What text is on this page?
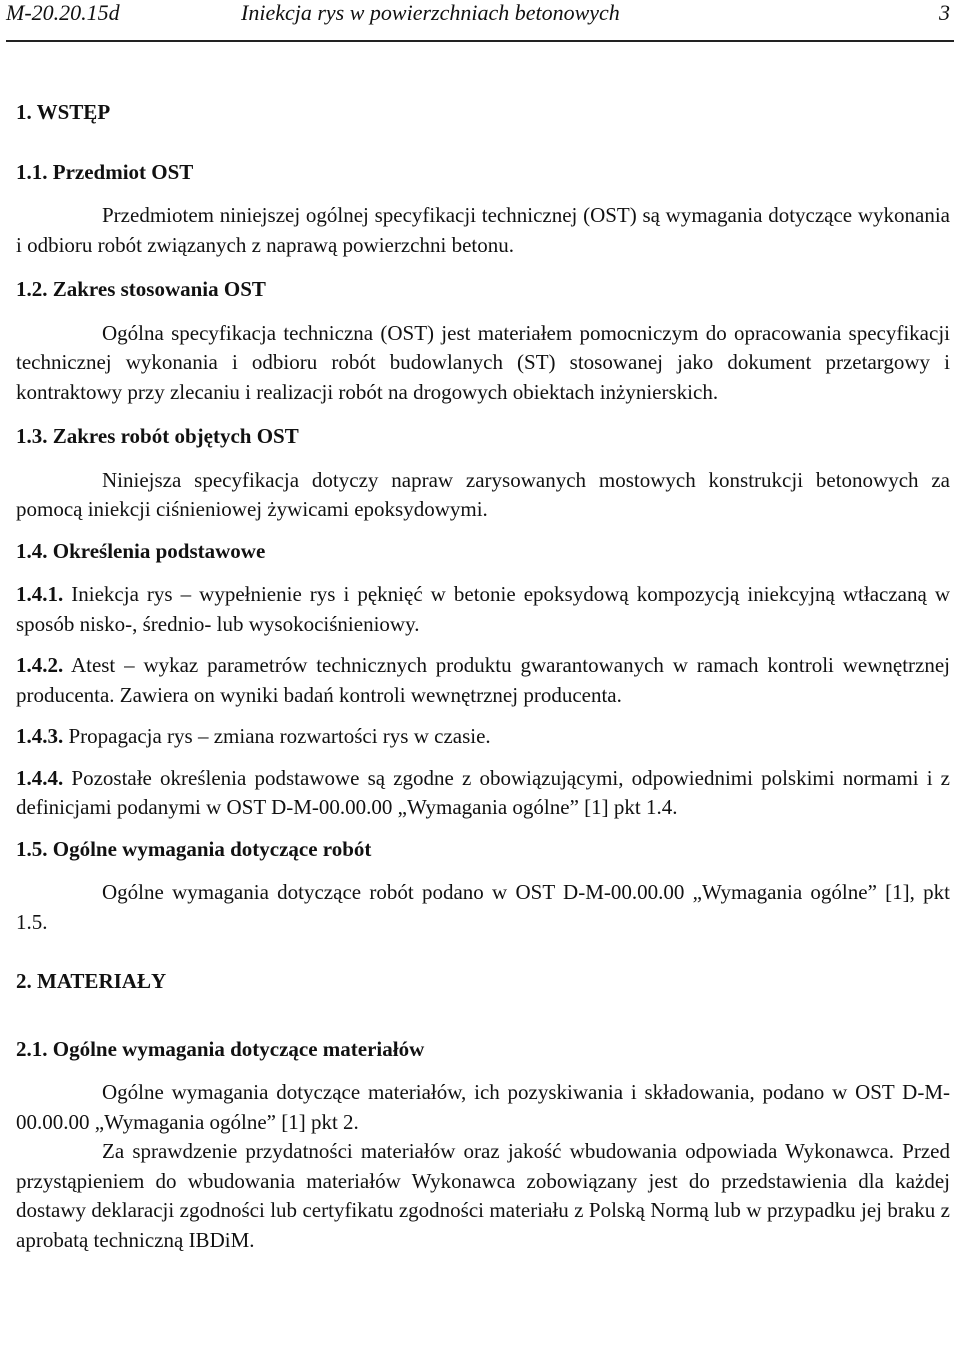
M-20.20.15d	Iniekcja rys w powierzchniach betonowych	3

1. WSTĘP

1.1. Przedmiot OST

Przedmiotem niniejszej ogólnej specyfikacji technicznej (OST) są wymagania dotyczące wykonania i odbioru robót związanych z naprawą powierzchni betonu.

1.2. Zakres stosowania OST

Ogólna specyfikacja techniczna (OST) jest materiałem pomocniczym do opracowania specyfikacji technicznej wykonania i odbioru robót budowlanych (ST) stosowanej jako dokument przetargowy i kontraktowy przy zlecaniu i realizacji robót na drogowych obiektach inżynierskich.

1.3. Zakres robót objętych OST

Niniejsza specyfikacja dotyczy napraw zarysowanych mostowych konstrukcji betonowych za pomocą iniekcji ciśnieniowej żywicami epoksydowymi.

1.4. Określenia podstawowe

1.4.1. Iniekcja rys – wypełnienie rys i pęknięć w betonie epoksydową kompozycją iniekcyjną wtłaczaną w sposób nisko-, średnio- lub wysokociśnieniowy.

1.4.2. Atest – wykaz parametrów technicznych produktu gwarantowanych w ramach kontroli wewnętrznej producenta. Zawiera on wyniki badań kontroli wewnętrznej producenta.

1.4.3. Propagacja rys – zmiana rozwartości rys w czasie.

1.4.4. Pozostałe określenia podstawowe są zgodne z obowiązującymi, odpowiednimi polskimi normami i z definicjami podanymi w OST D-M-00.00.00 „Wymagania ogólne” [1] pkt 1.4.

1.5. Ogólne wymagania dotyczące robót

Ogólne wymagania dotyczące robót podano w OST D-M-00.00.00 „Wymagania ogólne” [1], pkt 1.5.

2. MATERIAŁY

2.1. Ogólne wymagania dotyczące materiałów

Ogólne wymagania dotyczące materiałów, ich pozyskiwania i składowania, podano w OST D-M-00.00.00 „Wymagania ogólne” [1] pkt 2.

Za sprawdzenie przydatności materiałów oraz jakość wbudowania odpowiada Wykonawca. Przed przystąpieniem do wbudowania materiałów Wykonawca zobowiązany jest do przedstawienia dla każdej dostawy deklaracji zgodności lub certyfikatu zgodności materiału z Polską Normą lub w przypadku jej braku z aprobatą techniczną IBDiM.
